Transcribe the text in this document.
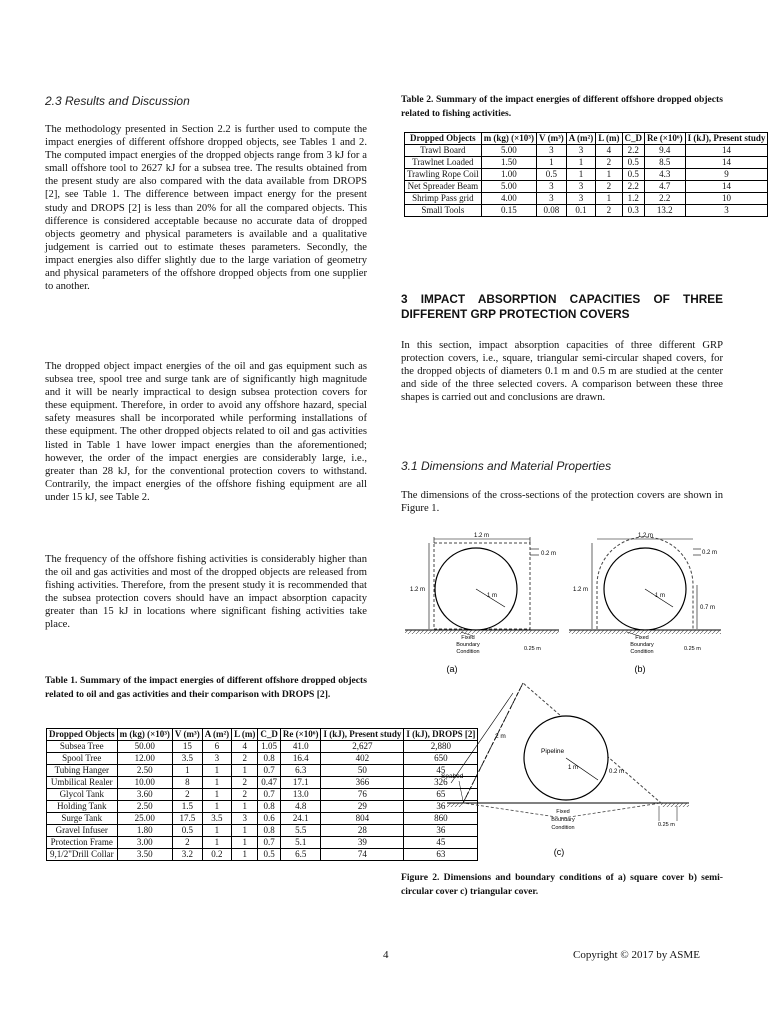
2.3 Results and Discussion

The methodology presented in Section 2.2 is further used to compute the impact energies of different offshore dropped objects, see Tables 1 and 2. The computed impact energies of the dropped objects range from 3 kJ for a small offshore tool to 2627 kJ for a subsea tree. The results obtained from the present study are also compared with the data available from DROPS [2], see Table 1. The difference between impact energy for the present study and DROPS [2] is less than 20% for all the compared objects. This difference is considered acceptable because no accurate data of dropped objects geometry and physical parameters is available and a qualitative judgement is carried out to estimate theses parameters. Secondly, the impact energies also differ slightly due to the large variation of geometry and physical parameters of the offshore dropped objects from one supplier to another.

The dropped object impact energies of the oil and gas equipment such as subsea tree, spool tree and surge tank are of significantly high magnitude and it will be nearly impractical to design subsea protection covers for these equipment. Therefore, in order to avoid any offshore hazard, special safety measures shall be incorporated while performing installations of these equipment. The other dropped objects related to oil and gas activities listed in Table 1 have lower impact energies than the aforementioned; however, the order of the impact energies are considerably large, i.e., greater than 28 kJ, for the conventional protection covers to withstand. Contrarily, the impact energies of the offshore fishing equipment are all under 15 kJ, see Table 2.

The frequency of the offshore fishing activities is considerably higher than the oil and gas activities and most of the dropped objects are released from fishing activities. Therefore, from the present study it is recommended that the subsea protection covers should have an impact absorption capacity greater than 15 kJ in locations where significant fishing activities take place.

Table 1. Summary of the impact energies of different offshore dropped objects related to oil and gas activities and their comparison with DROPS [2].

Dropped Objects	m (kg) (×10³)	V (m³)	A (m²)	L (m)	C_D	Re (×10⁶)	I (kJ), Present study	I (kJ), DROPS [2]
Subsea Tree	50.00	15	6	4	1.05	41.0	2,627	2,880
Spool Tree	12.00	3.5	3	2	0.8	16.4	402	650
Tubing Hanger	2.50	1	1	1	0.7	6.3	50	45
Umbilical Realer	10.00	8	1	2	0.47	17.1	366	326
Glycol Tank	3.60	2	1	2	0.7	13.0	76	65
Holding Tank	2.50	1.5	1	1	0.8	4.8	29	36
Surge Tank	25.00	17.5	3.5	3	0.6	24.1	804	860
Gravel Infuser	1.80	0.5	1	1	0.8	5.5	28	36
Protection Frame	3.00	2	1	1	0.7	5.1	39	45
9,1/2"Drill Collar	3.50	3.2	0.2	1	0.5	6.5	74	63

Table 2. Summary of the impact energies of different offshore dropped objects related to fishing activities.

Dropped Objects	m (kg) (×10³)	V (m³)	A (m²)	L (m)	C_D	Re (×10⁶)	I (kJ), Present study
Trawl Board	5.00	3	3	4	2.2	9.4	14
Trawlnet Loaded	1.50	1	1	2	0.5	8.5	14
Trawling Rope Coil	1.00	0.5	1	1	0.5	4.3	9
Net Spreader Beam	5.00	3	3	2	2.2	4.7	14
Shrimp Pass grid	4.00	3	3	1	1.2	2.2	10
Small Tools	0.15	0.08	0.1	2	0.3	13.2	3

3 IMPACT ABSORPTION CAPACITIES OF THREE DIFFERENT GRP PROTECTION COVERS

In this section, impact absorption capacities of three different GRP protection covers, i.e., square, triangular semi-circular shaped covers, for the dropped objects of diameters 0.1 m and 0.5 m are studied at the center and side of the three selected covers. A comparison between these three shapes is carried out and conclusions are drawn.

3.1 Dimensions and Material Properties

The dimensions of the cross-sections of the protection covers are shown in Figure 1.

1 m
1.2 m
1.2 m
0.2 m
Fixed
Boundary
Condition	0.25 m
(a)
1 m
1.2 m
1.2 m
0.2 m
0.7 m
Fixed
Boundary
Condition	0.25 m
(b)
1 m
Pipeline
2 m
Seabed
0.2 m
Fixed
Boundary
Condition	0.25 m
(c)

Figure 2. Dimensions and boundary conditions of a) square cover b) semi-circular cover c) triangular cover.

4	Copyright © 2017 by ASME
